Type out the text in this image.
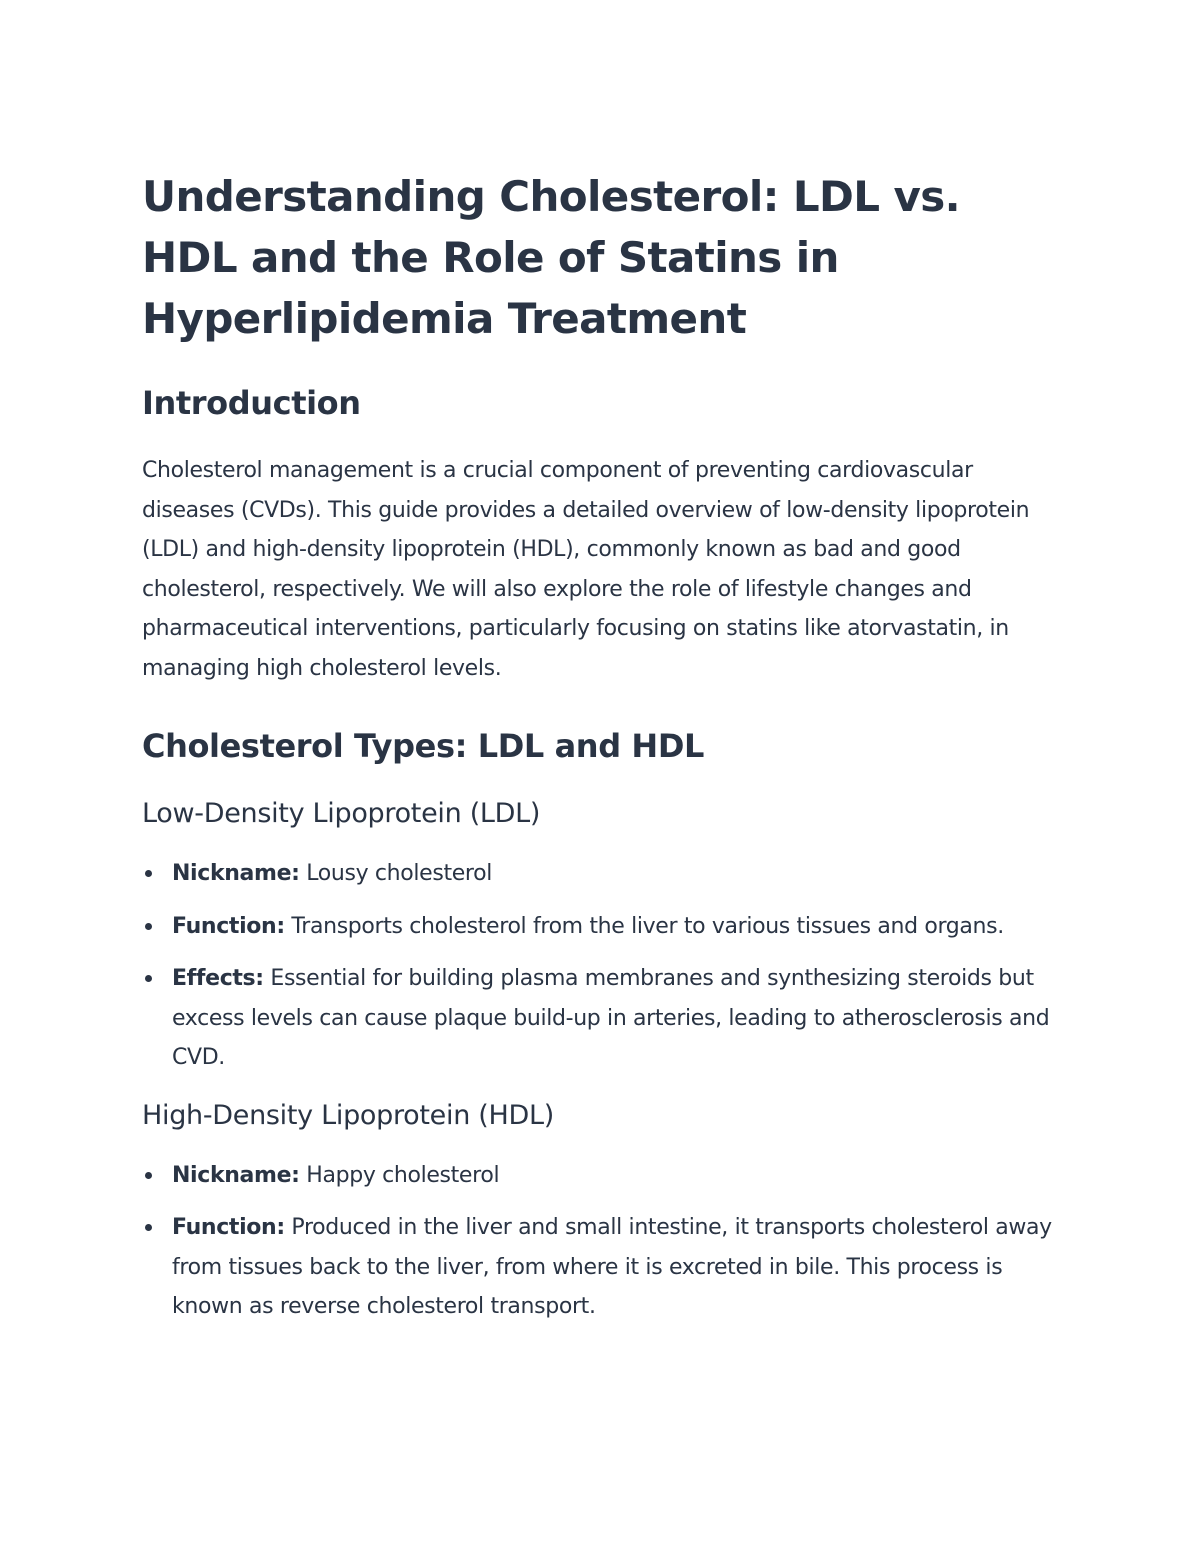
Understanding Cholesterol: LDL vs. HDL and the Role of Statins in Hyperlipidemia Treatment
Introduction

Cholesterol management is a crucial component of preventing cardiovascular diseases (CVDs). This guide provides a detailed overview of low-density lipoprotein (LDL) and high-density lipoprotein (HDL), commonly known as bad and good cholesterol, respectively. We will also explore the role of lifestyle changes and pharmaceutical interventions, particularly focusing on statins like atorvastatin, in managing high cholesterol levels.

Cholesterol Types: LDL and HDL
Low-Density Lipoprotein (LDL)
Nickname: Lousy cholesterol
Function: Transports cholesterol from the liver to various tissues and organs.
Effects: Essential for building plasma membranes and synthesizing steroids but excess levels can cause plaque build-up in arteries, leading to atherosclerosis and CVD.
High-Density Lipoprotein (HDL)
Nickname: Happy cholesterol
Function: Produced in the liver and small intestine, it transports cholesterol away from tissues back to the liver, from where it is excreted in bile. This process is known as reverse cholesterol transport.
